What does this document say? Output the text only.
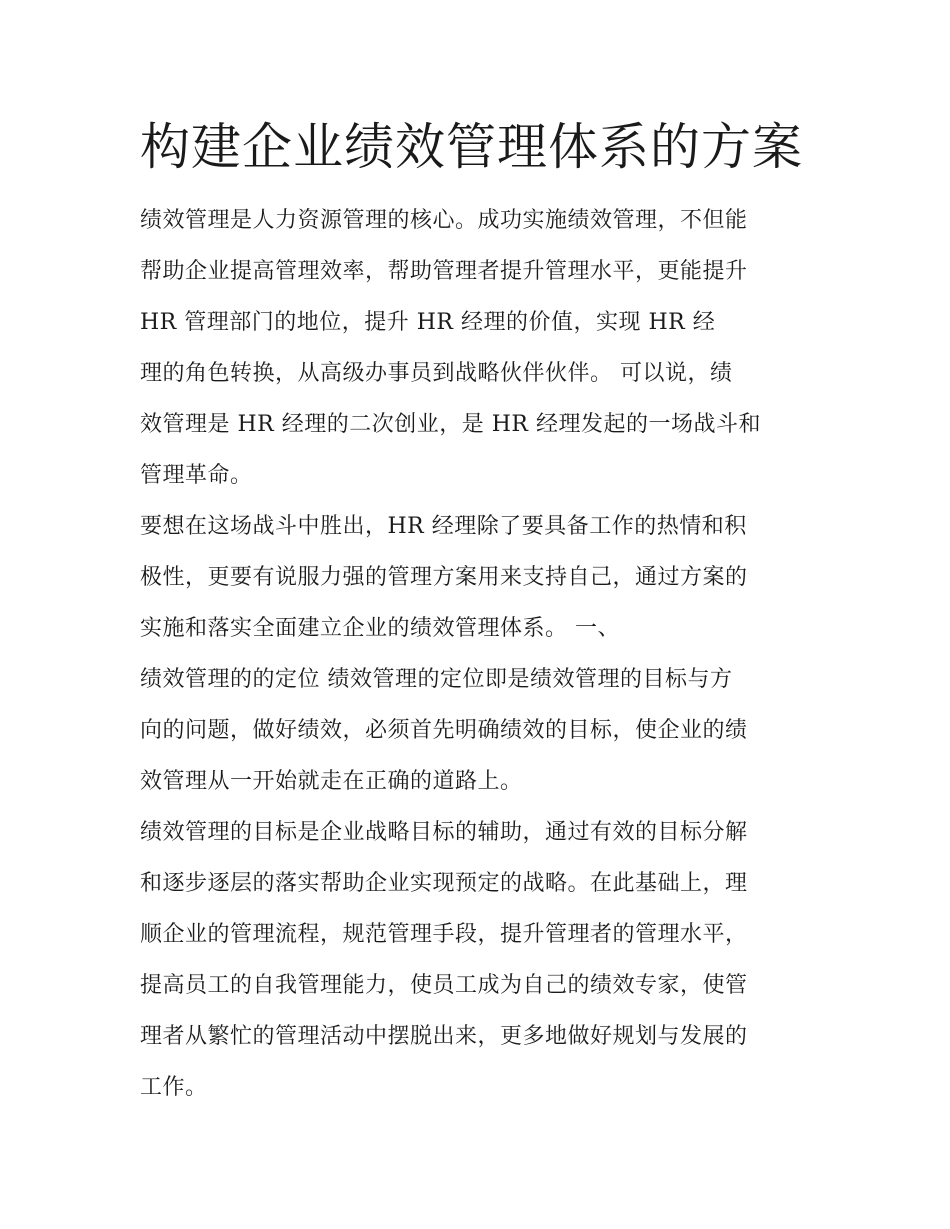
构建企业绩效管理体系的方案

绩效管理是人力资源管理的核心。成功实施绩效管理，不但能

帮助企业提高管理效率，帮助管理者提升管理水平，更能提升

HR 管理部门的地位，提升 HR 经理的价值，实现 HR 经

理的角色转换，从高级办事员到战略伙伴伙伴。 可以说，绩

效管理是 HR 经理的二次创业，是 HR 经理发起的一场战斗和

管理革命。

要想在这场战斗中胜出，HR 经理除了要具备工作的热情和积

极性，更要有说服力强的管理方案用来支持自己，通过方案的

实施和落实全面建立企业的绩效管理体系。 一、

绩效管理的的定位 绩效管理的定位即是绩效管理的目标与方

向的问题，做好绩效，必须首先明确绩效的目标，使企业的绩

效管理从一开始就走在正确的道路上。

绩效管理的目标是企业战略目标的辅助，通过有效的目标分解

和逐步逐层的落实帮助企业实现预定的战略。在此基础上，理

顺企业的管理流程，规范管理手段，提升管理者的管理水平，

提高员工的自我管理能力，使员工成为自己的绩效专家，使管

理者从繁忙的管理活动中摆脱出来，更多地做好规划与发展的

工作。
